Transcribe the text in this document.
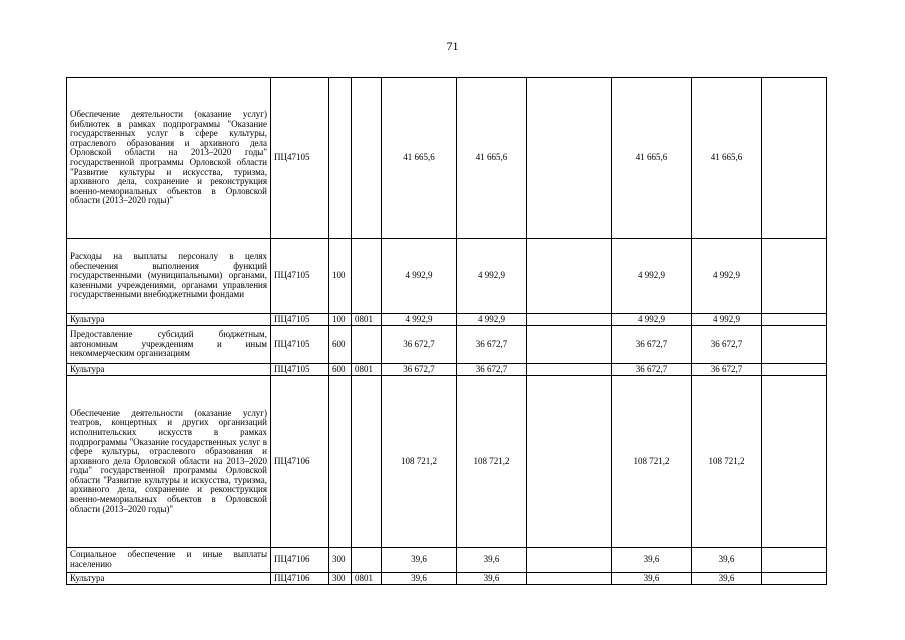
71
Обеспечение деятельности (оказание услуг) библиотек в рамках подпрограммы "Оказание государственных услуг в сфере культуры, отраслевого образования и архивного дела Орловской области на 2013–2020 годы" государственной программы Орловской области "Развитие культуры и искусства, туризма, архивного дела, сохранение и реконструкция военно-мемориальных объектов в Орловской области (2013–2020 годы)"	ПЦ47105			41 665,6	41 665,6		41 665,6	41 665,6	
Расходы на выплаты персоналу в целях обеспечения выполнения функций государственными (муниципальными) органами, казенными учреждениями, органами управления государственными внебюджетными фондами	ПЦ47105	100		4 992,9	4 992,9		4 992,9	4 992,9	
Культура	ПЦ47105	100	0801	4 992,9	4 992,9		4 992,9	4 992,9	
Предоставление субсидий бюджетным, автономным учреждениям и иным некоммерческим организациям	ПЦ47105	600		36 672,7	36 672,7		36 672,7	36 672,7	
Культура	ПЦ47105	600	0801	36 672,7	36 672,7		36 672,7	36 672,7	
Обеспечение деятельности (оказание услуг) театров, концертных и других организаций исполнительских искусств в рамках подпрограммы "Оказание государственных услуг в сфере культуры, отраслевого образования и архивного дела Орловской области на 2013–2020 годы" государственной программы Орловской области "Развитие культуры и искусства, туризма, архивного дела, сохранение и реконструкция военно-мемориальных объектов в Орловской области (2013–2020 годы)"	ПЦ47106			108 721,2	108 721,2		108 721,2	108 721,2	
Социальное обеспечение и иные выплаты населению	ПЦ47106	300		39,6	39,6		39,6	39,6	
Культура	ПЦ47106	300	0801	39,6	39,6		39,6	39,6	
